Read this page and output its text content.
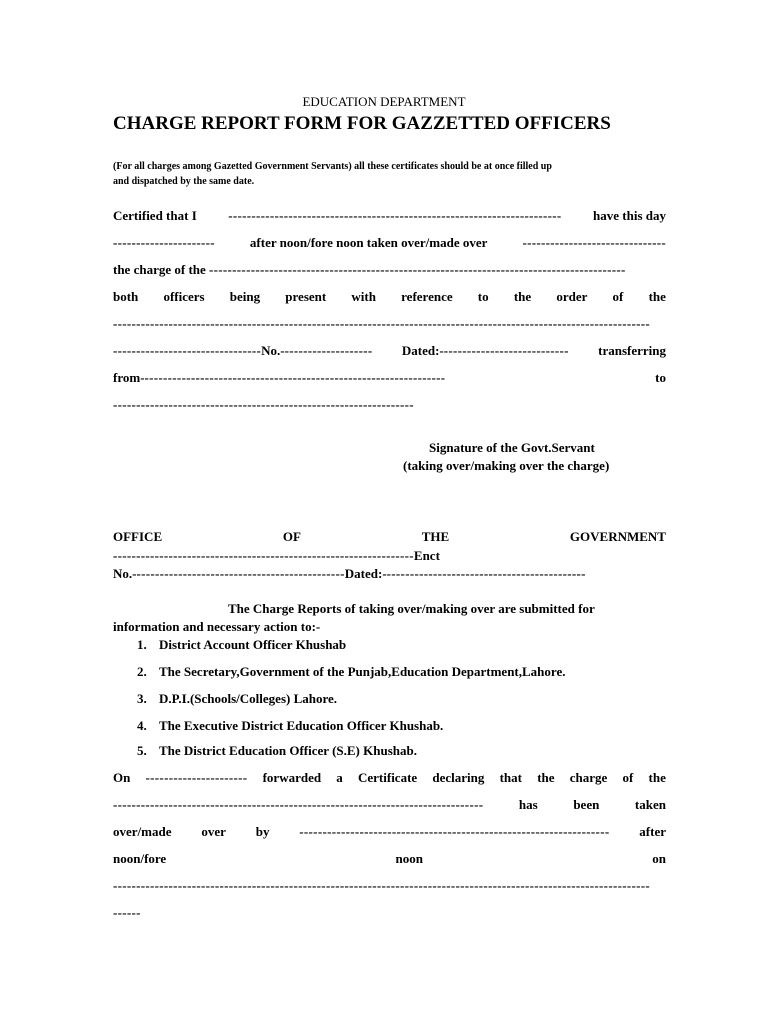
EDUCATION DEPARTMENT
CHARGE REPORT FORM FOR GAZZETTED OFFICERS
(For all charges among Gazetted Government Servants) all these certificates should be at once filled up
and dispatched by the same date.
Certified that I ------------------------------------------------------------------------ have this day
----------------------	after noon/fore noon taken over/made over	-------------------------------
the charge of the ------------------------------------------------------------------------------------------
both officers being present with reference to the order of the
--------------------------------------------------------------------------------------------------------------------
--------------------------------No.-------------------- Dated:---------------------------- transferring
from------------------------------------------------------------------	to
-----------------------------------------------------------------
Signature of the Govt.Servant
(taking over/making over the charge)
OFFICE	OF	THE	GOVERNMENT
-----------------------------------------------------------------Enct
No.----------------------------------------------Dated:--------------------------------------------
The Charge Reports of taking over/making over are submitted for
information and necessary action to:-
1. District Account Officer Khushab
2. The Secretary,Government of the Punjab,Education Department,Lahore.
3. D.P.I.(Schools/Colleges) Lahore.
4. The Executive District Education Officer Khushab.
5. The District Education Officer (S.E) Khushab.
On ---------------------- forwarded a Certificate declaring that the charge of the
--------------------------------------------------------------------------------	has	been	taken
over/made over by ------------------------------------------------------------------- after
noon/fore	noon	on
--------------------------------------------------------------------------------------------------------------------
------
